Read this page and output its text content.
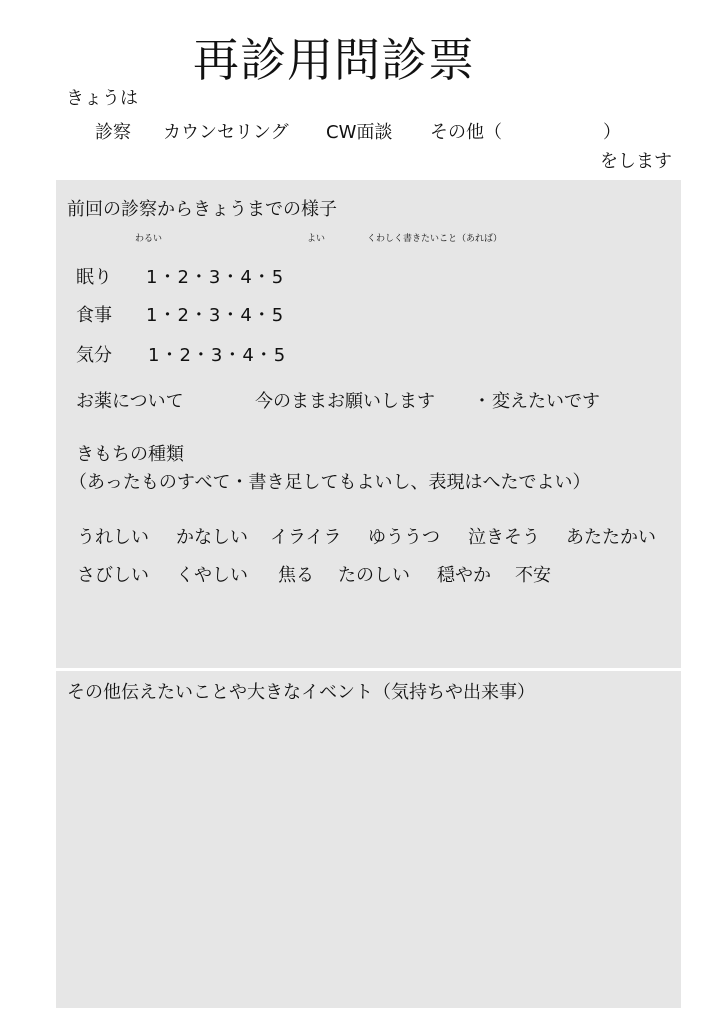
再診用問診票
きょうは
診察 カウンセリング CW面談 その他（	）
をします
前回の診察からきょうまでの様子
わるい	よい	くわしく書きたいこと（あれば）
眠り 1・2・3・4・5
食事 1・2・3・4・5
気分 1・2・3・4・5
お薬について	今のままお願いします ・ 変えたいです
きもちの種類
（あったものすべて・書き足してもよいし、表現はへたでよい）
うれしい かなしい イライラ ゆううつ 泣きそう あたたかい
さびしい くやしい 焦る たのしい 穏やか 不安
その他伝えたいことや大きなイベント（気持ちや出来事）
